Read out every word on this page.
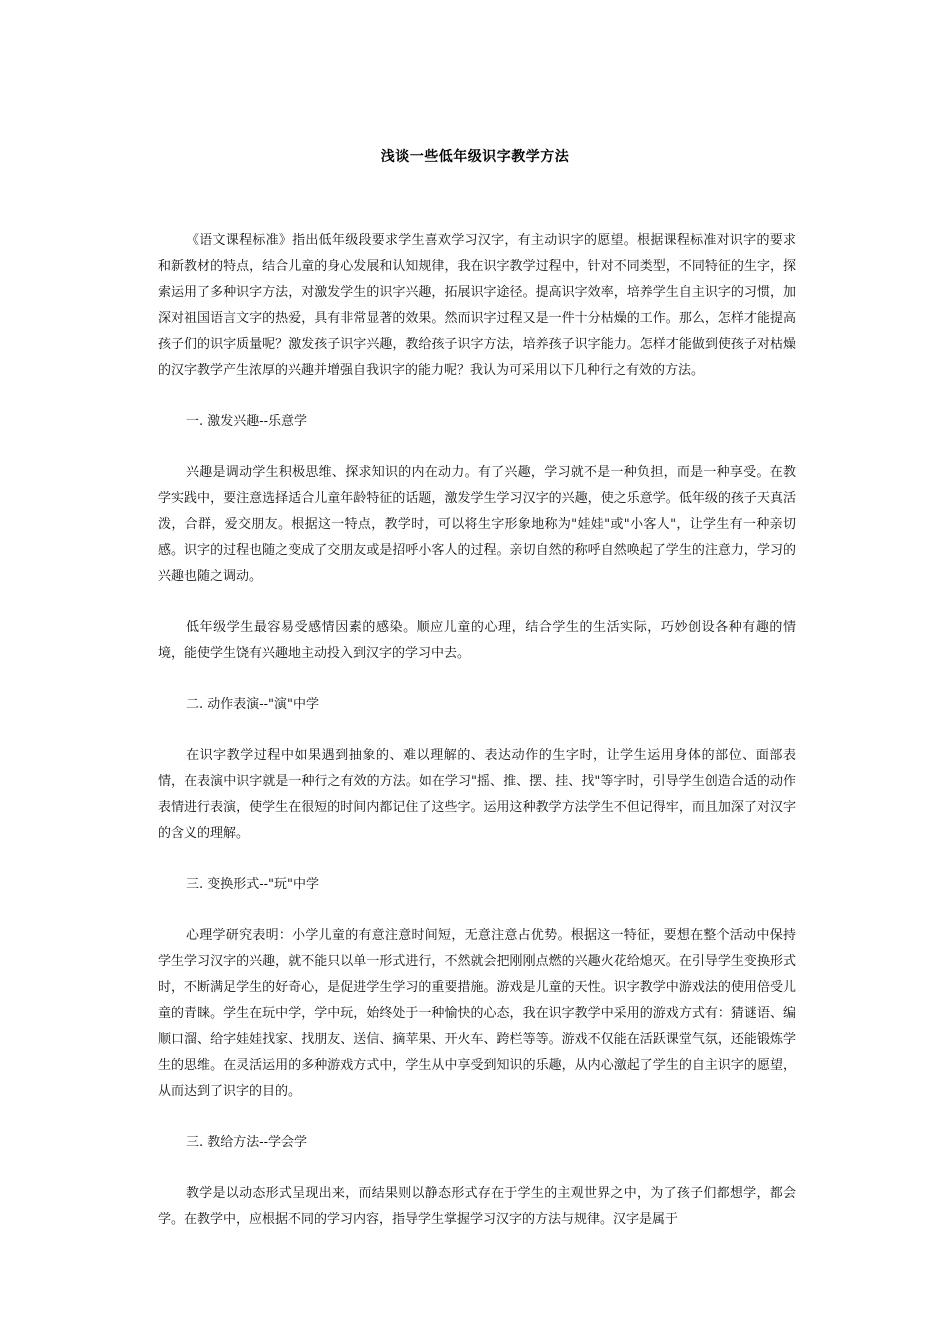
浅谈一些低年级识字教学方法

《语文课程标准》指出低年级段要求学生喜欢学习汉字，有主动识字的愿望。根据课程标准对识字的要求和新教材的特点，结合儿童的身心发展和认知规律，我在识字教学过程中，针对不同类型，不同特征的生字，探索运用了多种识字方法，对激发学生的识字兴趣，拓展识字途径。提高识字效率，培养学生自主识字的习惯，加深对祖国语言文字的热爱，具有非常显著的效果。然而识字过程又是一件十分枯燥的工作。那么，怎样才能提高孩子们的识字质量呢？激发孩子识字兴趣，教给孩子识字方法，培养孩子识字能力。怎样才能做到使孩子对枯燥的汉字教学产生浓厚的兴趣并增强自我识字的能力呢？我认为可采用以下几种行之有效的方法。

一. 激发兴趣--乐意学

兴趣是调动学生积极思维、探求知识的内在动力。有了兴趣，学习就不是一种负担，而是一种享受。在教学实践中，要注意选择适合儿童年龄特征的话题，激发学生学习汉字的兴趣，使之乐意学。低年级的孩子天真活泼，合群，爱交朋友。根据这一特点，教学时，可以将生字形象地称为"娃娃"或"小客人"，让学生有一种亲切感。识字的过程也随之变成了交朋友或是招呼小客人的过程。亲切自然的称呼自然唤起了学生的注意力，学习的兴趣也随之调动。

低年级学生最容易受感情因素的感染。顺应儿童的心理，结合学生的生活实际，巧妙创设各种有趣的情境，能使学生饶有兴趣地主动投入到汉字的学习中去。

二. 动作表演--"演"中学

在识字教学过程中如果遇到抽象的、难以理解的、表达动作的生字时，让学生运用身体的部位、面部表情，在表演中识字就是一种行之有效的方法。如在学习"摇、推、摆、挂、找"等字时，引导学生创造合适的动作表情进行表演，使学生在很短的时间内都记住了这些字。运用这种教学方法学生不但记得牢，而且加深了对汉字的含义的理解。

三. 变换形式--"玩"中学

心理学研究表明：小学儿童的有意注意时间短，无意注意占优势。根据这一特征，要想在整个活动中保持学生学习汉字的兴趣，就不能只以单一形式进行，不然就会把刚刚点燃的兴趣火花给熄灭。在引导学生变换形式时，不断满足学生的好奇心，是促进学生学习的重要措施。游戏是儿童的天性。识字教学中游戏法的使用倍受儿童的青睐。学生在玩中学，学中玩，始终处于一种愉快的心态，我在识字教学中采用的游戏方式有：猜谜语、编顺口溜、给字娃娃找家、找朋友、送信、摘苹果、开火车、跨栏等等。游戏不仅能在活跃课堂气氛，还能锻炼学生的思维。在灵活运用的多种游戏方式中，学生从中享受到知识的乐趣，从内心激起了学生的自主识字的愿望，从而达到了识字的目的。

三. 教给方法--学会学

教学是以动态形式呈现出来，而结果则以静态形式存在于学生的主观世界之中，为了孩子们都想学，都会学。在教学中，应根据不同的学习内容，指导学生掌握学习汉字的方法与规律。汉字是属于
